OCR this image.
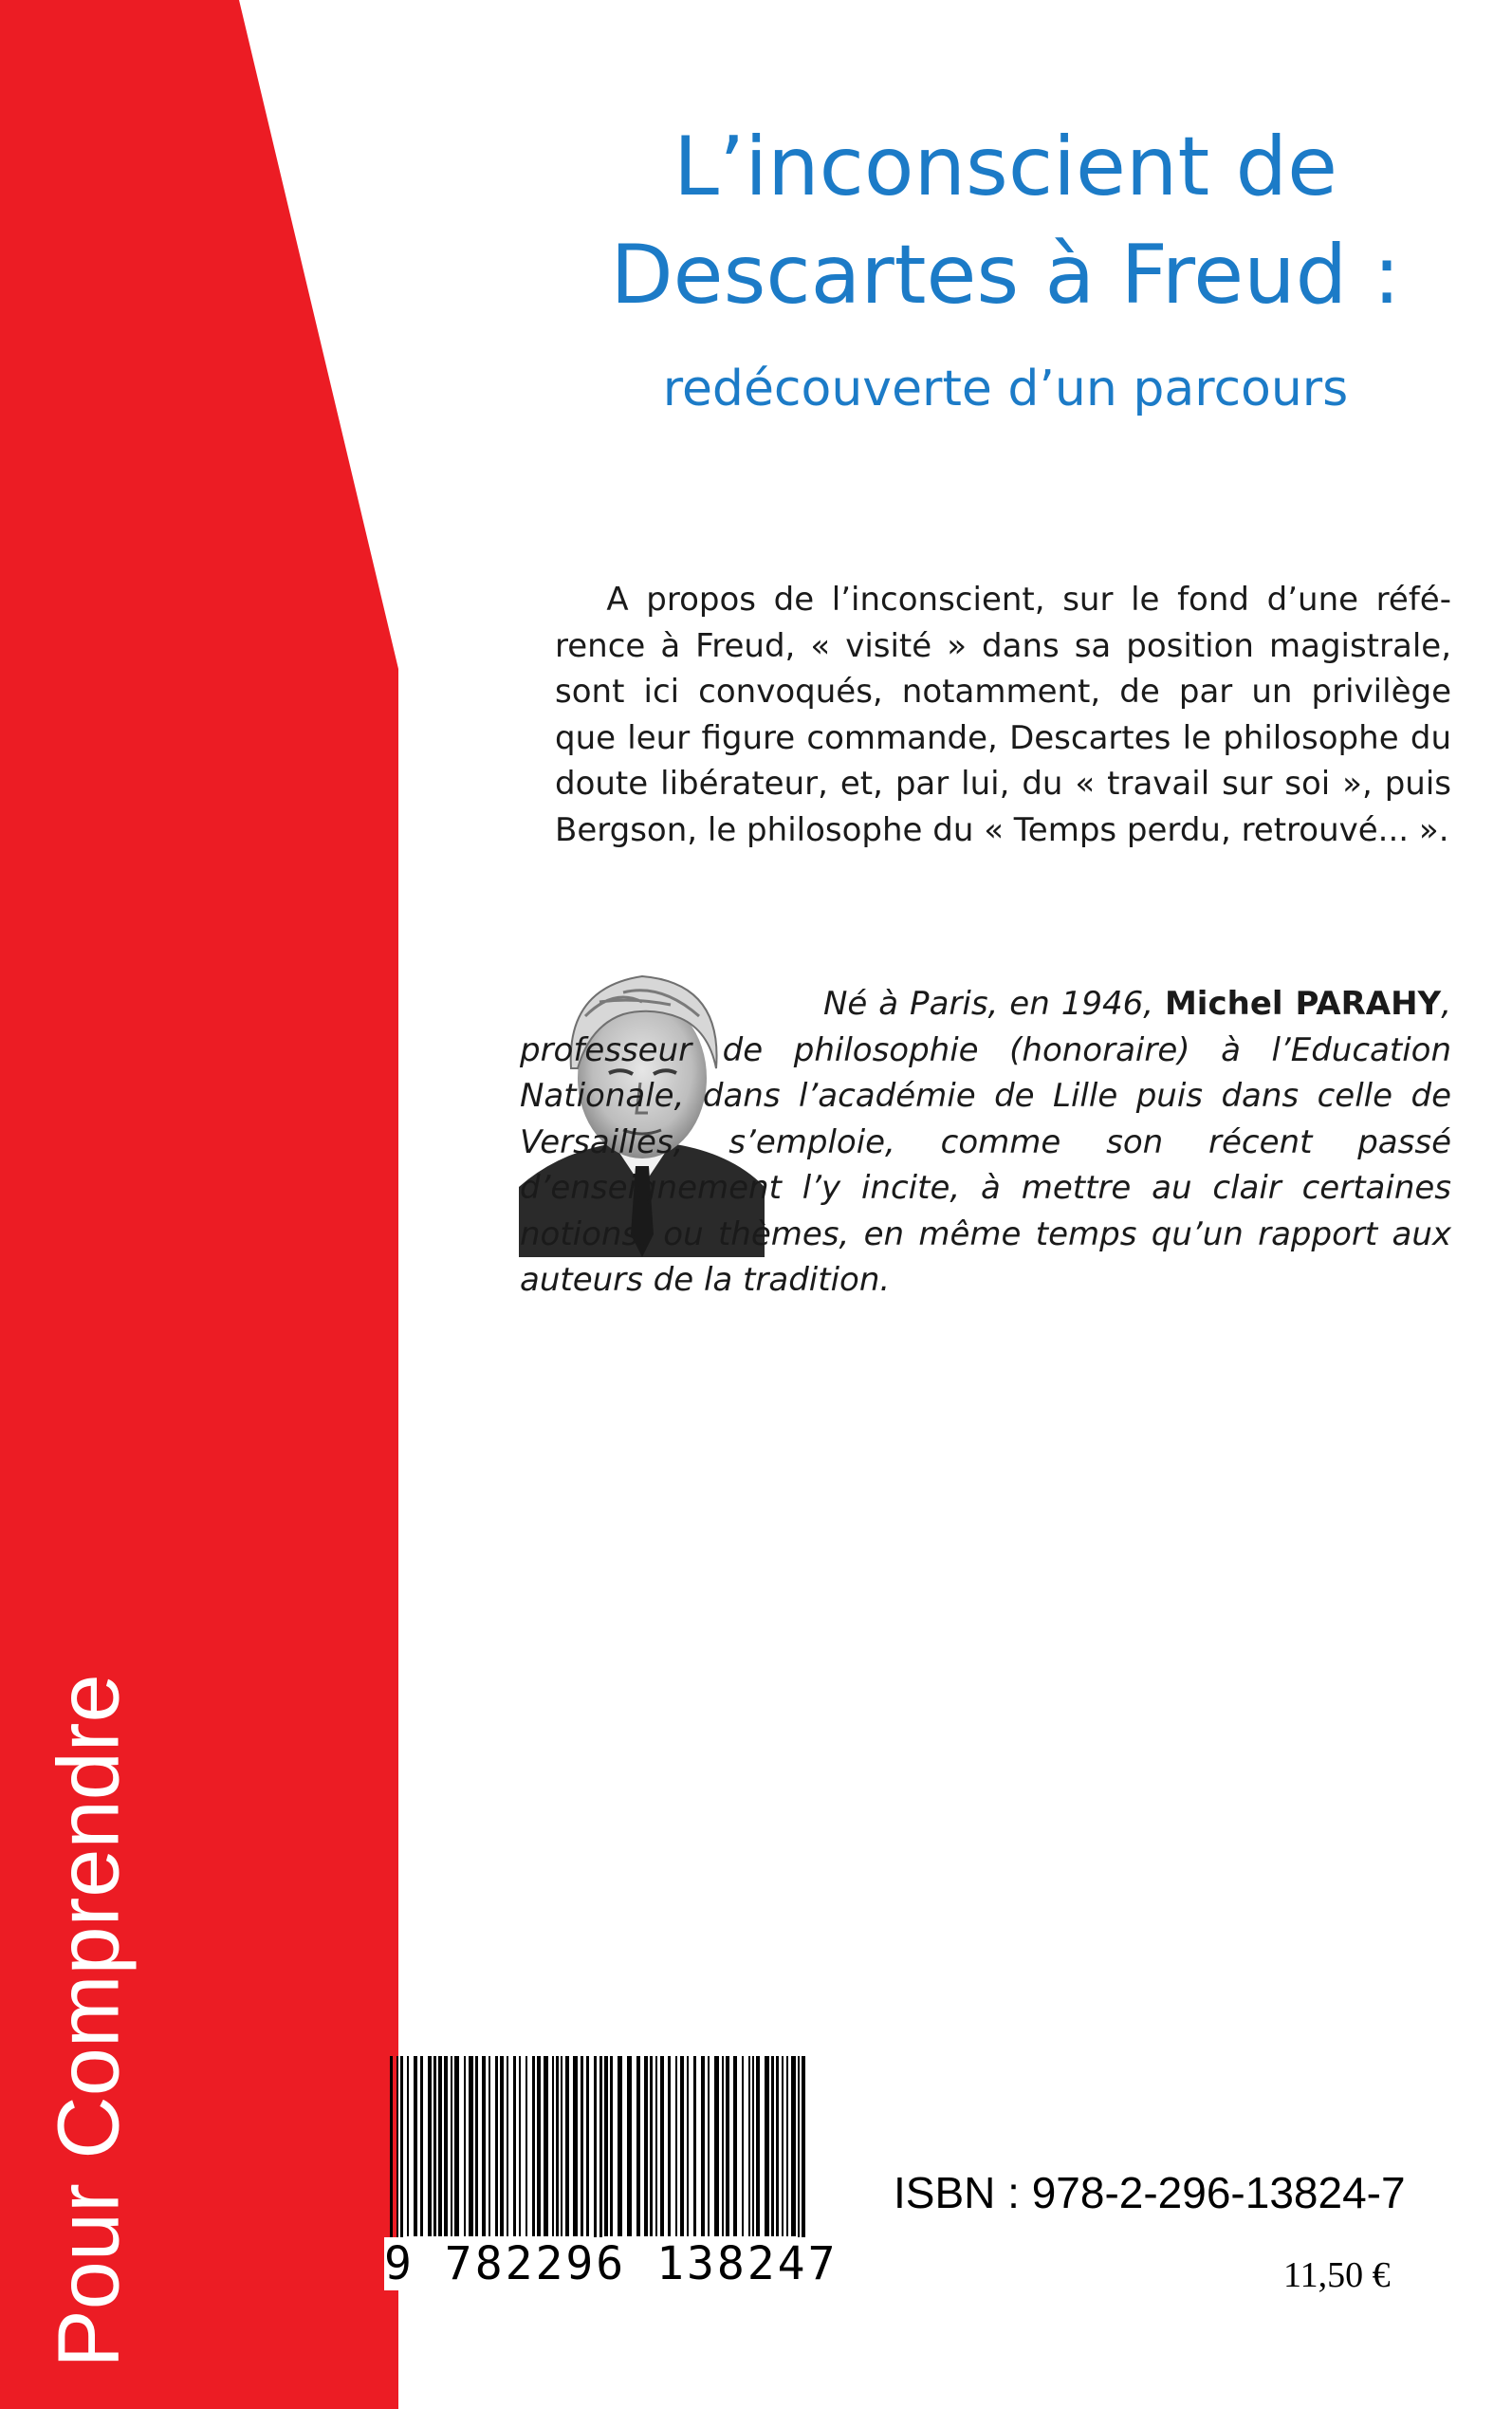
Pour Comprendre
L’inconscient de
Descartes à Freud :
redécouverte d’un parcours

A propos de l’inconscient, sur le fond d’une référence à Freud, « visité » dans sa position magistrale, sont ici convoqués, notamment, de par un privilège que leur figure commande, Descartes le philosophe du doute libérateur, et, par lui, du « travail sur soi », puis Bergson, le philosophe du « Temps perdu, retrouvé... ».

Né à Paris, en 1946, Michel PARAHY, professeur de philosophie (honoraire) à l’Education Nationale, dans l’académie de Lille puis dans celle de Versailles, s’emploie, comme son récent passé d’enseignement l’y incite, à mettre au clair certaines notions, ou thèmes, en même temps qu’un rapport aux auteurs de la tradition.

9 782296 138247
ISBN : 978-2-296-13824-7
11,50 €
